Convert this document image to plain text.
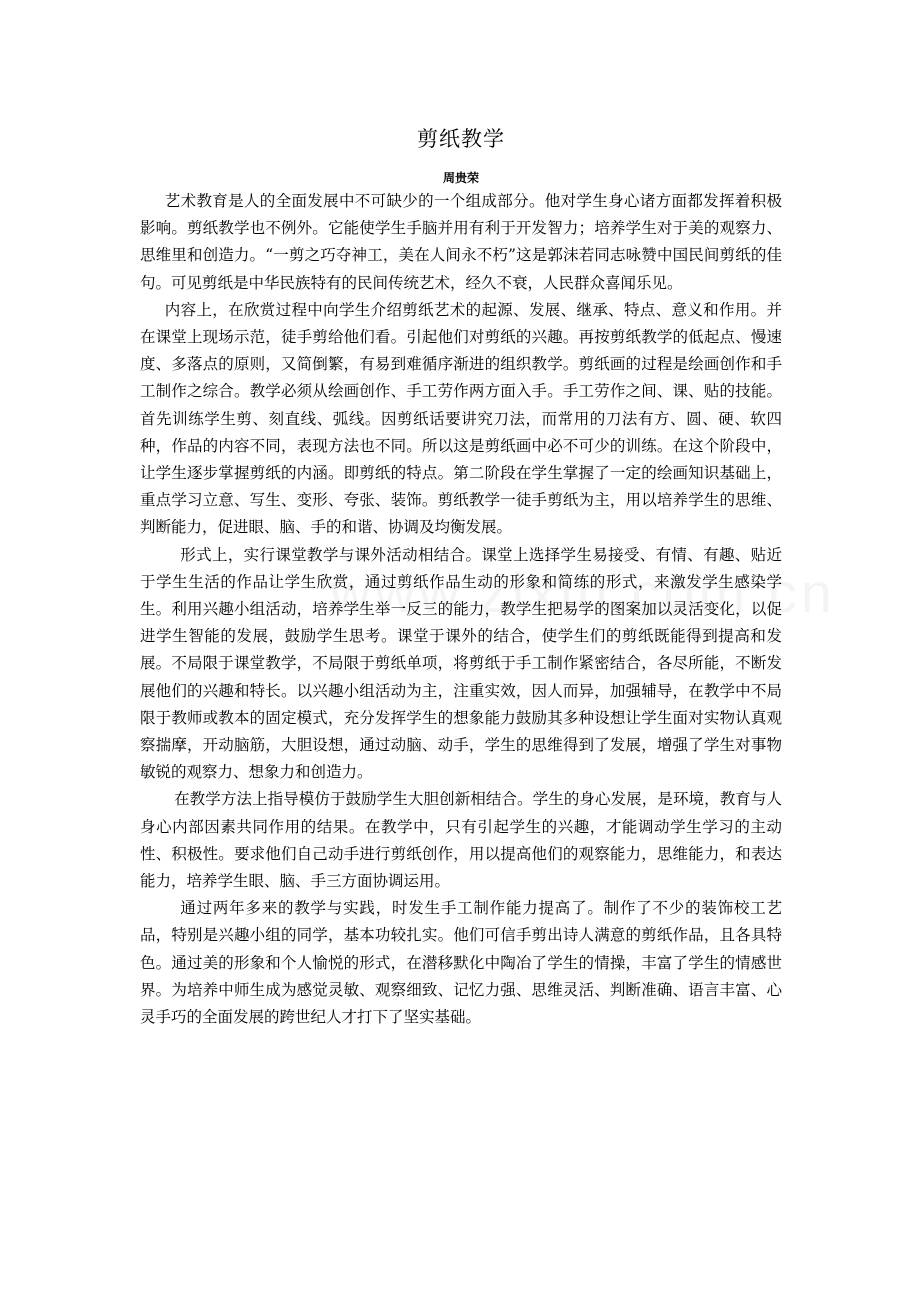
剪纸教学
周贵荣

艺术教育是人的全面发展中不可缺少的一个组成部分。他对学生身心诸方面都发挥着积极影响。剪纸教学也不例外。它能使学生手脑并用有利于开发智力；培养学生对于美的观察力、思维里和创造力。“一剪之巧夺神工，美在人间永不朽”这是郭沫若同志咏赞中国民间剪纸的佳句。可见剪纸是中华民族特有的民间传统艺术，经久不衰，人民群众喜闻乐见。

内容上，在欣赏过程中向学生介绍剪纸艺术的起源、发展、继承、特点、意义和作用。并在课堂上现场示范，徒手剪给他们看。引起他们对剪纸的兴趣。再按剪纸教学的低起点、慢速度、多落点的原则，又简倒繁，有易到难循序渐进的组织教学。剪纸画的过程是绘画创作和手工制作之综合。教学必须从绘画创作、手工劳作两方面入手。手工劳作之间、课、贴的技能。首先训练学生剪、刻直线、弧线。因剪纸话要讲究刀法，而常用的刀法有方、圆、硬、软四种，作品的内容不同，表现方法也不同。所以这是剪纸画中必不可少的训练。在这个阶段中，让学生逐步掌握剪纸的内涵。即剪纸的特点。第二阶段在学生掌握了一定的绘画知识基础上，重点学习立意、写生、变形、夸张、装饰。剪纸教学一徒手剪纸为主，用以培养学生的思维、判断能力，促进眼、脑、手的和谐、协调及均衡发展。

形式上，实行课堂教学与课外活动相结合。课堂上选择学生易接受、有情、有趣、贴近于学生生活的作品让学生欣赏，通过剪纸作品生动的形象和简练的形式，来激发学生感染学生。利用兴趣小组活动，培养学生举一反三的能力，教学生把易学的图案加以灵活变化，以促进学生智能的发展，鼓励学生思考。课堂于课外的结合，使学生们的剪纸既能得到提高和发展。不局限于课堂教学，不局限于剪纸单项，将剪纸于手工制作紧密结合，各尽所能，不断发展他们的兴趣和特长。以兴趣小组活动为主，注重实效，因人而异，加强辅导，在教学中不局限于教师或教本的固定模式，充分发挥学生的想象能力鼓励其多种设想让学生面对实物认真观察揣摩，开动脑筋，大胆设想，通过动脑、动手，学生的思维得到了发展，增强了学生对事物敏锐的观察力、想象力和创造力。

在教学方法上指导模仿于鼓励学生大胆创新相结合。学生的身心发展，是环境，教育与人身心内部因素共同作用的结果。在教学中，只有引起学生的兴趣，才能调动学生学习的主动性、积极性。要求他们自己动手进行剪纸创作，用以提高他们的观察能力，思维能力，和表达能力，培养学生眼、脑、手三方面协调运用。

通过两年多来的教学与实践，时发生手工制作能力提高了。制作了不少的装饰校工艺品，特别是兴趣小组的同学，基本功较扎实。他们可信手剪出诗人满意的剪纸作品，且各具特色。通过美的形象和个人愉悦的形式，在潜移默化中陶冶了学生的情操，丰富了学生的情感世界。为培养中师生成为感觉灵敏、观察细致、记忆力强、思维灵活、判断准确、语言丰富、心灵手巧的全面发展的跨世纪人才打下了坚实基础。
